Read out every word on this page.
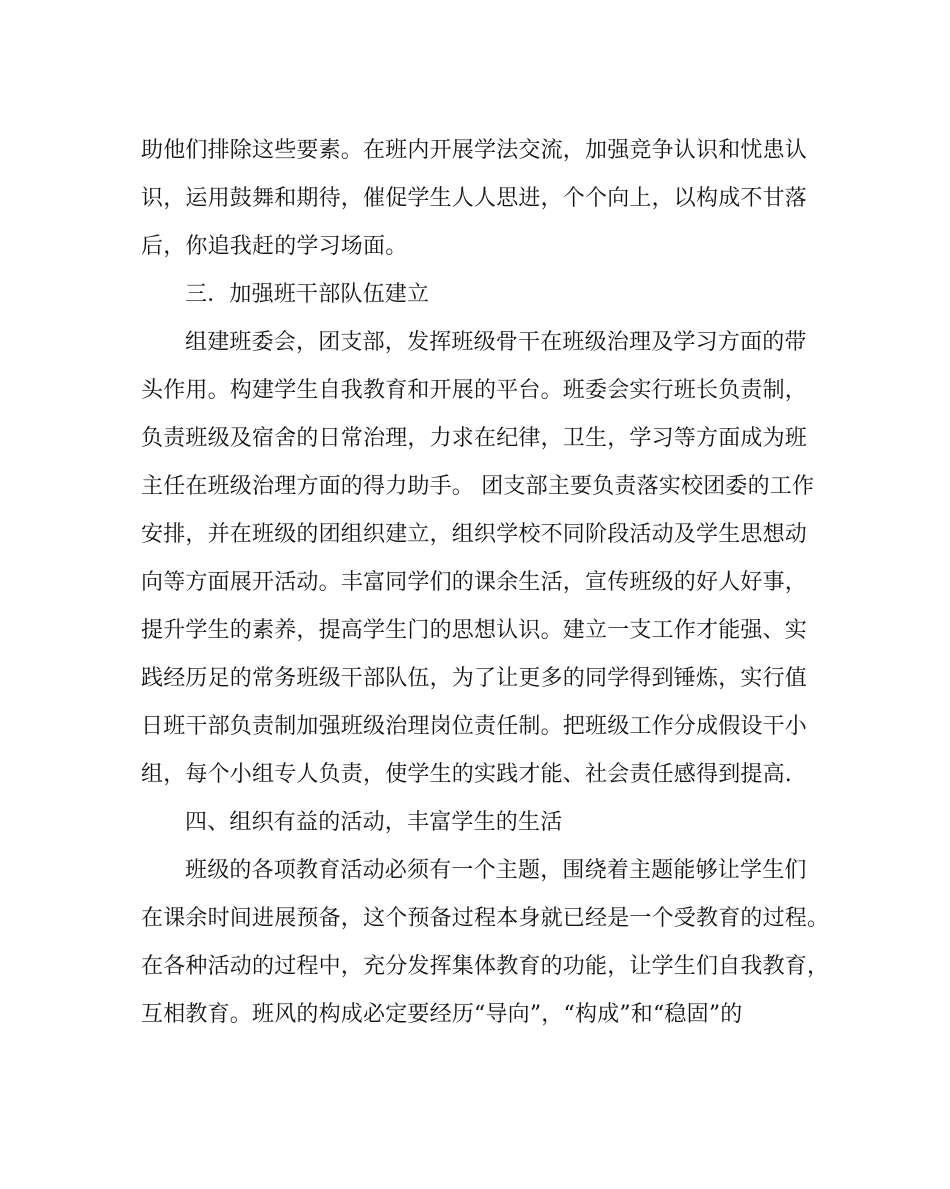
助他们排除这些要素。在班内开展学法交流，加强竞争认识和忧患认
识，运用鼓舞和期待，催促学生人人思进，个个向上，以构成不甘落
后，你追我赶的学习场面。
三．加强班干部队伍建立
组建班委会，团支部，发挥班级骨干在班级治理及学习方面的带
头作用。构建学生自我教育和开展的平台。班委会实行班长负责制，
负责班级及宿舍的日常治理，力求在纪律，卫生，学习等方面成为班
主任在班级治理方面的得力助手。 团支部主要负责落实校团委的工作
安排，并在班级的团组织建立，组织学校不同阶段活动及学生思想动
向等方面展开活动。丰富同学们的课余生活，宣传班级的好人好事，
提升学生的素养，提高学生门的思想认识。建立一支工作才能强、实
践经历足的常务班级干部队伍，为了让更多的同学得到锤炼，实行值
日班干部负责制加强班级治理岗位责任制。把班级工作分成假设干小
组，每个小组专人负责，使学生的实践才能、社会责任感得到提高.
四、组织有益的活动，丰富学生的生活
班级的各项教育活动必须有一个主题，围绕着主题能够让学生们
在课余时间进展预备，这个预备过程本身就已经是一个受教育的过程。
在各种活动的过程中，充分发挥集体教育的功能，让学生们自我教育，
互相教育。班风的构成必定要经历“导向”，“构成”和“稳固”的
